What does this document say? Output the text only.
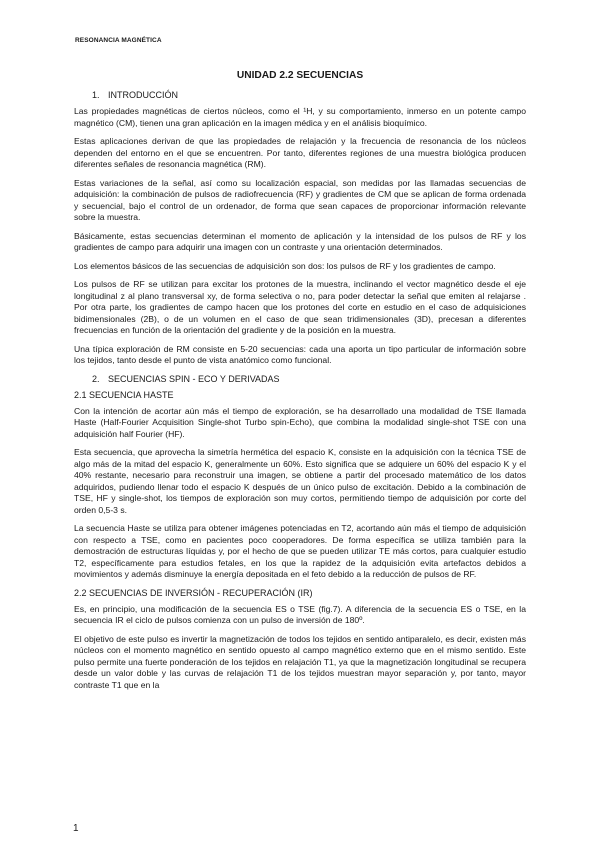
RESONANCIA MAGNÉTICA
UNIDAD 2.2 SECUENCIAS
1. INTRODUCCIÓN

Las propiedades magnéticas de ciertos núcleos, como el ¹H, y su comportamiento, inmerso en un potente campo magnético (CM), tienen una gran aplicación en la imagen médica y en el análisis bioquímico.

Estas aplicaciones derivan de que las propiedades de relajación y la frecuencia de resonancia de los núcleos dependen del entorno en el que se encuentren. Por tanto, diferentes regiones de una muestra biológica producen diferentes señales de resonancia magnética (RM).

Estas variaciones de la señal, así como su localización espacial, son medidas por las llamadas secuencias de adquisición: la combinación de pulsos de radiofrecuencia (RF) y gradientes de CM que se aplican de forma ordenada y secuencial, bajo el control de un ordenador, de forma que sean capaces de proporcionar información relevante sobre la muestra.

Básicamente, estas secuencias determinan el momento de aplicación y la intensidad de los pulsos de RF y los gradientes de campo para adquirir una imagen con un contraste y una orientación determinados.

Los elementos básicos de las secuencias de adquisición son dos: los pulsos de RF y los gradientes de campo.

Los pulsos de RF se utilizan para excitar los protones de la muestra, inclinando el vector magnético desde el eje longitudinal z al plano transversal xy, de forma selectiva o no, para poder detectar la señal que emiten al relajarse . Por otra parte, los gradientes de campo hacen que los protones del corte en estudio en el caso de adquisiciones bidimensionales (2B), o de un volumen en el caso de que sean tridimensionales (3D), precesan a diferentes frecuencias en función de la orientación del gradiente y de la posición en la muestra.

Una típica exploración de RM consiste en 5-20 secuencias: cada una aporta un tipo particular de información sobre los tejidos, tanto desde el punto de vista anatómico como funcional.

2. SECUENCIAS SPIN - ECO Y DERIVADAS
2.1 SECUENCIA HASTE

Con la intención de acortar aún más el tiempo de exploración, se ha desarrollado una modalidad de TSE llamada Haste (Half-Fourier Acquisition Single-shot Turbo spin-Echo), que combina la modalidad single-shot TSE con una adquisición half Fourier (HF).

Esta secuencia, que aprovecha la simetría hermética del espacio K, consiste en la adquisición con la técnica TSE de algo más de la mitad del espacio K, generalmente un 60%. Esto significa que se adquiere un 60% del espacio K y el 40% restante, necesario para reconstruir una imagen, se obtiene a partir del procesado matemático de los datos adquiridos, pudiendo llenar todo el espacio K después de un único pulso de excitación. Debido a la combinación de TSE, HF y single-shot, los tiempos de exploración son muy cortos, permitiendo tiempo de adquisición por corte del orden 0,5-3 s.

La secuencia Haste se utiliza para obtener imágenes potenciadas en T2, acortando aún más el tiempo de adquisición con respecto a TSE, como en pacientes poco cooperadores. De forma específica se utiliza también para la demostración de estructuras líquidas y, por el hecho de que se pueden utilizar TE más cortos, para cualquier estudio T2, específicamente para estudios fetales, en los que la rapidez de la adquisición evita artefactos debidos a movimientos y además disminuye la energía depositada en el feto debido a la reducción de pulsos de RF.

2.2 SECUENCIAS DE INVERSIÓN - RECUPERACIÓN (IR)

Es, en principio, una modificación de la secuencia ES o TSE (fig.7). A diferencia de la secuencia ES o TSE, en la secuencia IR el ciclo de pulsos comienza con un pulso de inversión de 180º.

El objetivo de este pulso es invertir la magnetización de todos los tejidos en sentido antiparalelo, es decir, existen más núcleos con el momento magnético en sentido opuesto al campo magnético externo que en el mismo sentido. Este pulso permite una fuerte ponderación de los tejidos en relajación T1, ya que la magnetización longitudinal se recupera desde un valor doble y las curvas de relajación T1 de los tejidos muestran mayor separación y, por tanto, mayor contraste T1 que en la

1
